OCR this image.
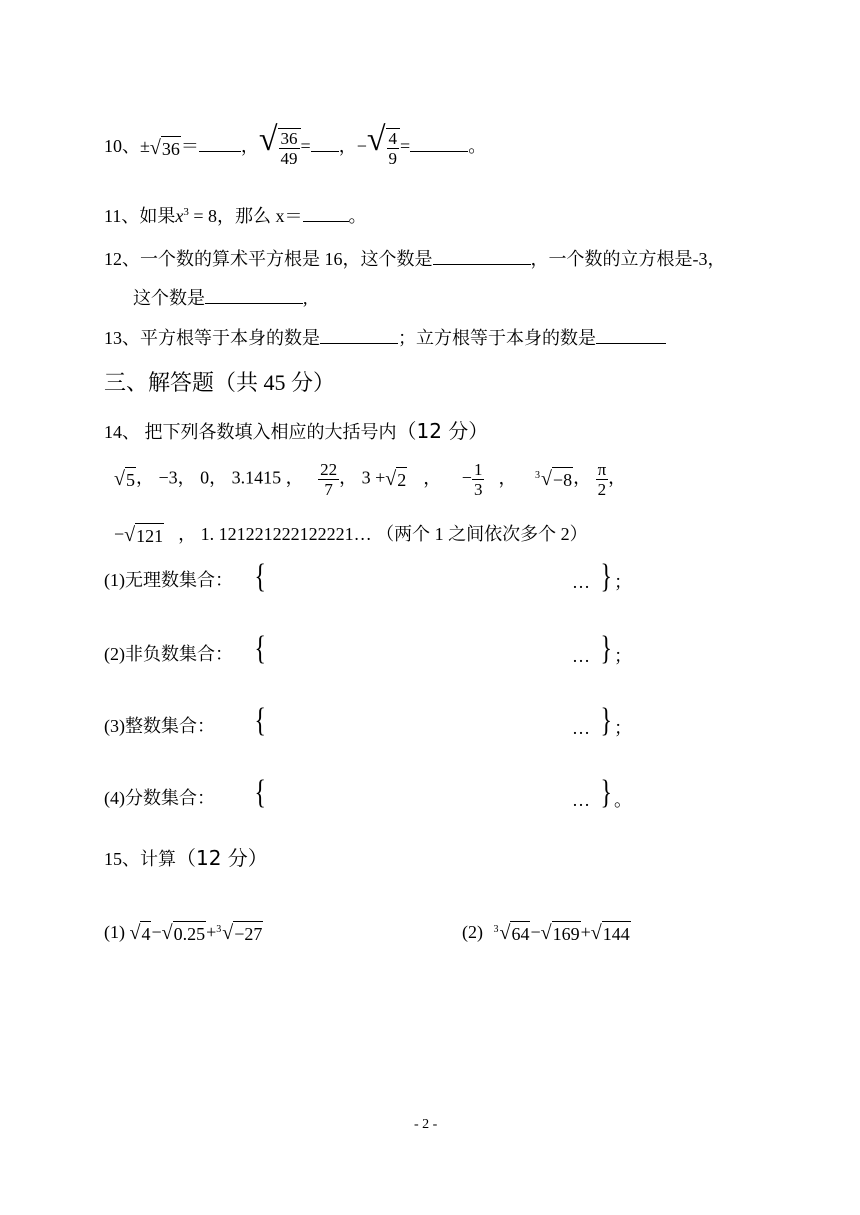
10、±√36＝ ，√ $\frac{36}{49}$ = ，−√ $\frac{4}{9}$ =	。
11、如果$x^3 = 8$，那么 x＝	。
12、一个数的算术平方根是 16，这个数是	，一个数的立方根是-3，
这个数是	,
13、平方根等于本身的数是	；立方根等于本身的数是
三、解答题（共 45 分）
14、 把下列各数填入相应的大括号内（12 分）
√5， −3， 0， 3.1415 ， $\frac{22}{7}$ ， 3 +√2 ， − $\frac{1}{3}$ ， 3 √−8， $\frac{\pi}{2}$ ，
−√121 ， 1. 121221222122221… （两个 1 之间依次多个 2）
(1)无理数集合： {	… } ；
(2)非负数集合： {	… } ；
(3)整数集合： {	… } ；
(4)分数集合： {	… } 。
15、计算（12 分）
(1) √4−√0.25+ 3 √−27	(2) 3 √64−√169+√144
- 2 -
